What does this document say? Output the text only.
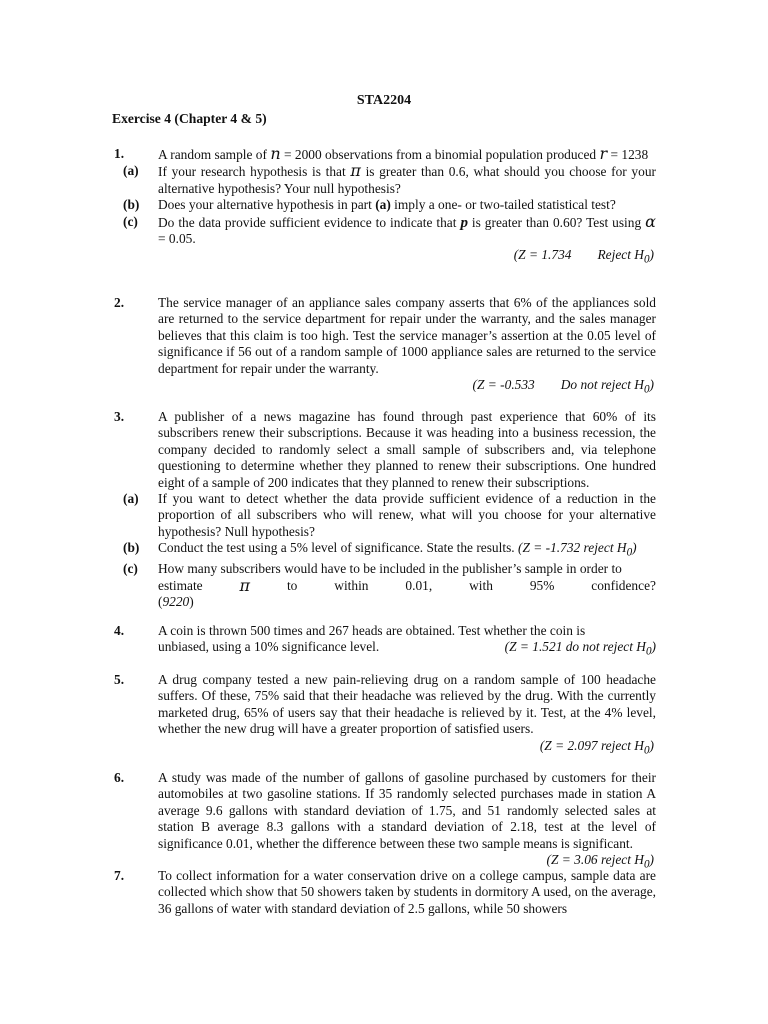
STA2204
Exercise 4 (Chapter 4 & 5)
1.	A random sample of n = 2000 observations from a binomial population produced r = 1238
(a) If your research hypothesis is that π is greater than 0.6, what should you choose for your alternative hypothesis? Your null hypothesis?
(b) Does your alternative hypothesis in part (a) imply a one- or two-tailed statistical test?
(c) Do the data provide sufficient evidence to indicate that p is greater than 0.60? Test using α = 0.05.
(Z = 1.734 Reject $H_0$)
2.	The service manager of an appliance sales company asserts that 6% of the appliances sold are returned to the service department for repair under the warranty, and the sales manager believes that this claim is too high. Test the service manager’s assertion at the 0.05 level of significance if 56 out of a random sample of 1000 appliance sales are returned to the service department for repair under the warranty.
(Z = -0.533 Do not reject $H_0$)
3.	A publisher of a news magazine has found through past experience that 60% of its subscribers renew their subscriptions. Because it was heading into a business recession, the company decided to randomly select a small sample of subscribers and, via telephone questioning to determine whether they planned to renew their subscriptions. One hundred eight of a sample of 200 indicates that they planned to renew their subscriptions.
(a) If you want to detect whether the data provide sufficient evidence of a reduction in the proportion of all subscribers who will renew, what will you choose for your alternative hypothesis? Null hypothesis?
(b) Conduct the test using a 5% level of significance. State the results. (Z = -1.732 reject $H_0$)
(c) How many subscribers would have to be included in the publisher’s sample in order to
estimate π	to	within	0.01,	with	95%	confidence?
(9220)
4.	A coin is thrown 500 times and 267 heads are obtained. Test whether the coin is
unbiased, using a 10% significance level.	(Z = 1.521 do not reject $H_0$)
5.	A drug company tested a new pain-relieving drug on a random sample of 100 headache suffers. Of these, 75% said that their headache was relieved by the drug. With the currently marketed drug, 65% of users say that their headache is relieved by it. Test, at the 4% level, whether the new drug will have a greater proportion of satisfied users.
(Z = 2.097 reject $H_0$)
6.	A study was made of the number of gallons of gasoline purchased by customers for their automobiles at two gasoline stations. If 35 randomly selected purchases made in station A average 9.6 gallons with standard deviation of 1.75, and 51 randomly selected sales at station B average 8.3 gallons with a standard deviation of 2.18, test at the level of significance 0.01, whether the difference between these two sample means is significant.
(Z = 3.06 reject $H_0$)
7.	To collect information for a water conservation drive on a college campus, sample data are collected which show that 50 showers taken by students in dormitory A used, on the average, 36 gallons of water with standard deviation of 2.5 gallons, while 50 showers
